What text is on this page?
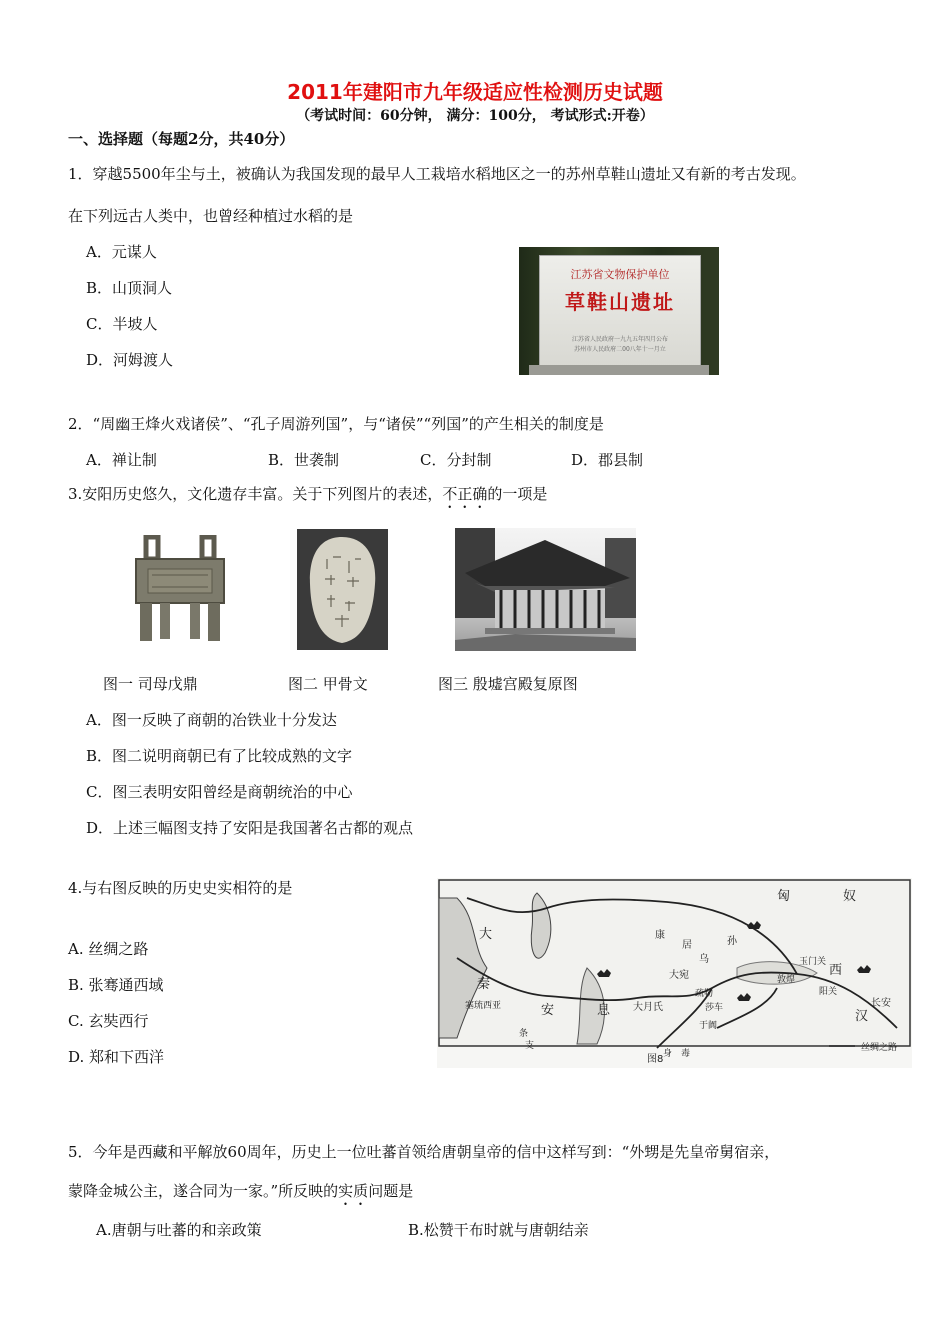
2011年建阳市九年级适应性检测历史试题
（考试时间：60分钟， 满分：100分， 考试形式:开卷）
一、选择题（每题2分，共40分）
1．穿越5500年尘与土，被确认为我国发现的最早人工栽培水稻地区之一的苏州草鞋山遗址又有新的考古发现。
在下列远古人类中，也曾经种植过水稻的是
A．元谋人
B．山顶洞人
C．半坡人
D．河姆渡人
江苏省文物保护单位
草鞋山遗址
江苏省人民政府一九九五年四月公布
苏州市人民政府二00八年十一月立
2．“周幽王烽火戏诸侯”、“孔子周游列国”，与“诸侯”“列国”的产生相关的制度是
A．禅让制	B．世袭制	C．分封制	D．郡县制
3.安阳历史悠久，文化遗存丰富。关于下列图片的表述，不正确的一项是
图一 司母戊鼎	图二 甲骨文	图三 殷墟宫殿复原图
A．图一反映了商朝的冶铁业十分发达
B．图二说明商朝已有了比较成熟的文字
C．图三表明安阳曾经是商朝统治的中心
D．上述三幅图支持了安阳是我国著名古都的观点
4.与右图反映的历史史实相符的是
A. 丝绸之路
B. 张骞通西域
C. 玄奘西行
D. 郑和下西洋
匈	奴
大
秦
康
居
乌
孙
大宛
玉门关
西
阳关
敦煌
大月氏
疏勒
莎车
于阗
安	息
塞琉西亚
条
支
身 毒
汉
长安
丝绸之路
图8
5．今年是西藏和平解放60周年，历史上一位吐蕃首领给唐朝皇帝的信中这样写到：“外甥是先皇帝舅宿亲，
蒙降金城公主，遂合同为一家。”所反映的实质问题是
A.唐朝与吐蕃的和亲政策	B.松赞干布时就与唐朝结亲
